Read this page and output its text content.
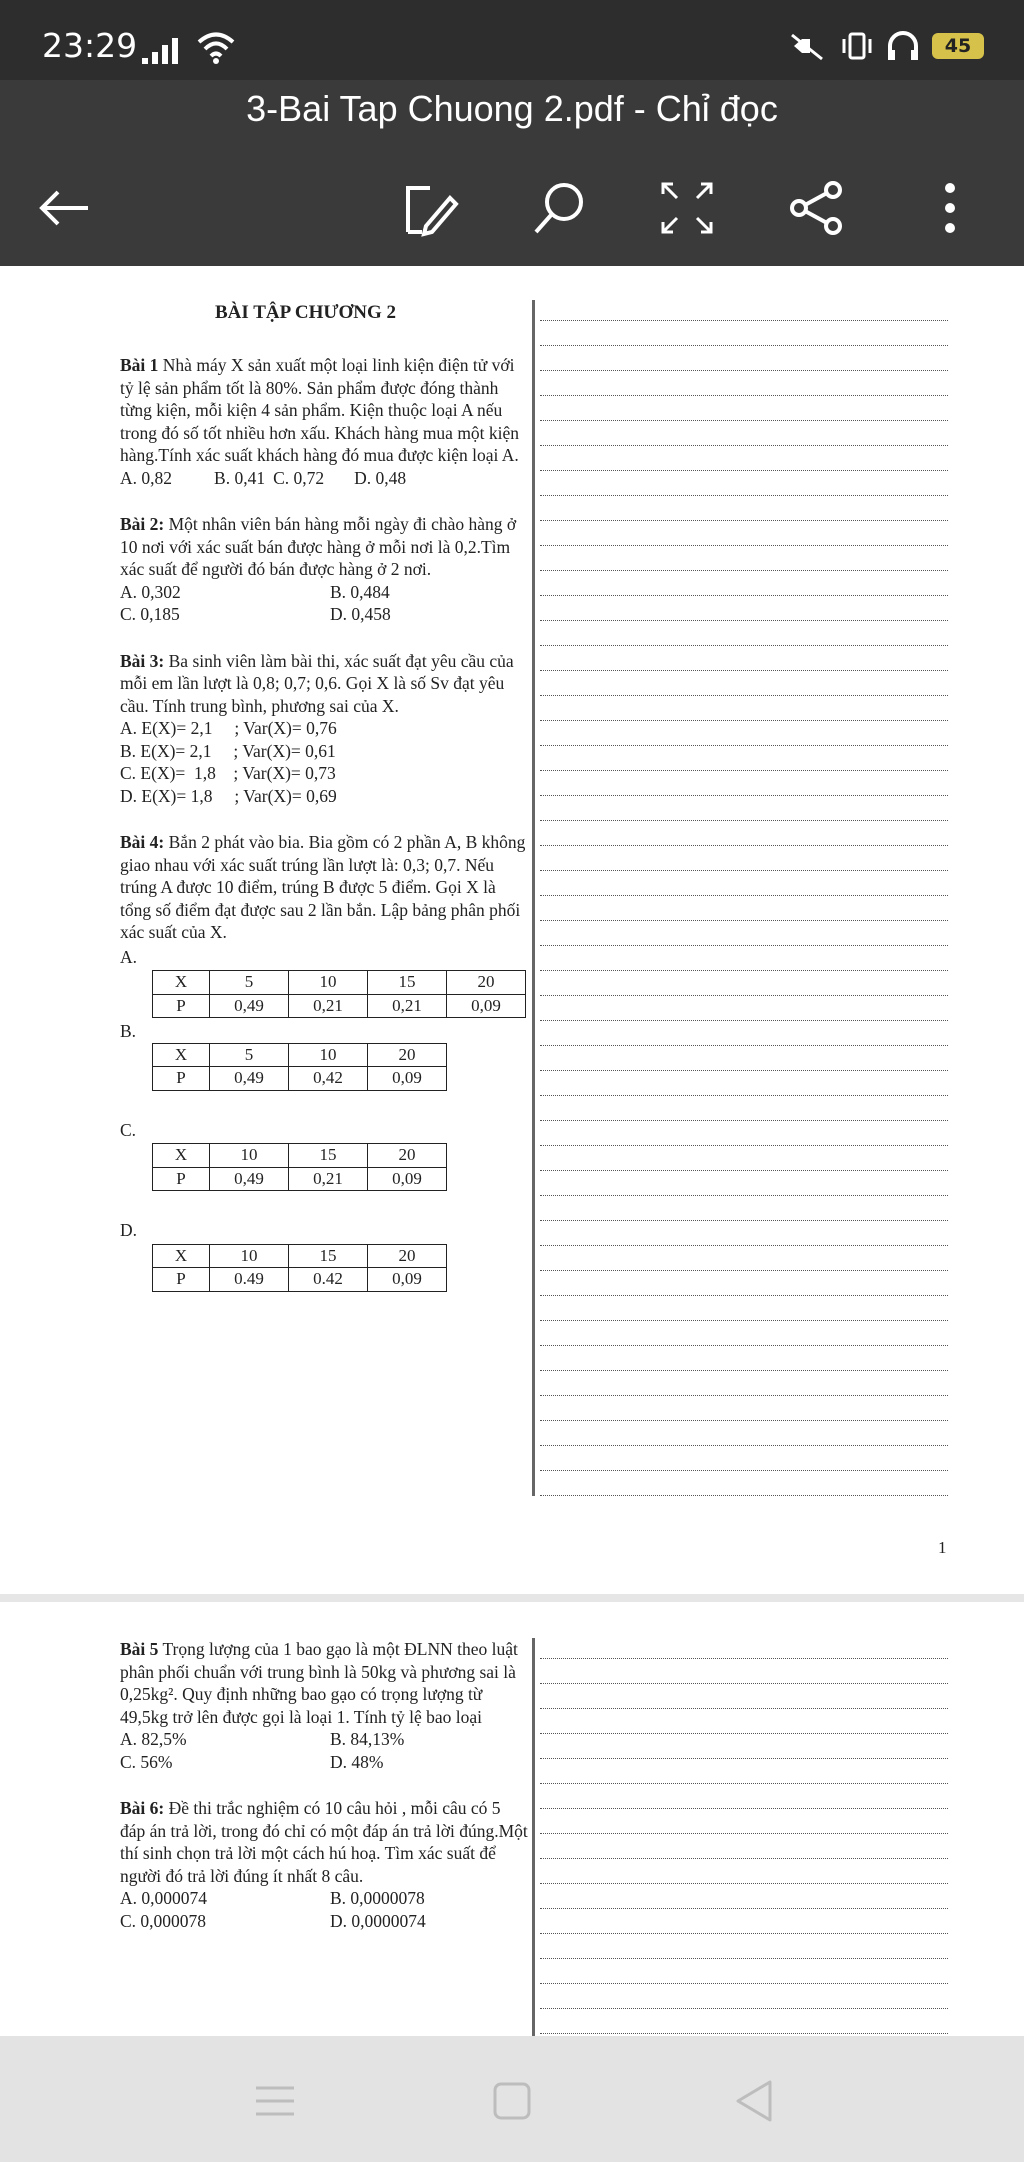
23:29	45
3-Bai Tap Chuong 2.pdf - Chỉ đọc
BÀI TẬP CHƯƠNG 2

Bài 1 Nhà máy X sản xuất một loại linh kiện điện tử với tỷ lệ sản phẩm tốt là 80%. Sản phẩm được đóng thành từng kiện, mỗi kiện 4 sản phẩm. Kiện thuộc loại A nếu trong đó số tốt nhiều hơn xấu. Khách hàng mua một kiện hàng.Tính xác suất khách hàng đó mua được kiện loại A.

A. 0,82 B. 0,41 C. 0,72 D. 0,48

Bài 2: Một nhân viên bán hàng mỗi ngày đi chào hàng ở 10 nơi với xác suất bán được hàng ở mỗi nơi là 0,2.Tìm xác suất để người đó bán được hàng ở 2 nơi.

A. 0,302	B. 0,484
C. 0,185	D. 0,458

Bài 3: Ba sinh viên làm bài thi, xác suất đạt yêu cầu của mỗi em lần lượt là 0,8; 0,7; 0,6. Gọi X là số Sv đạt yêu cầu. Tính trung bình, phương sai của X.

A. E(X)= 2,1     ; Var(X)= 0,76
B. E(X)= 2,1     ; Var(X)= 0,61
C. E(X)=  1,8    ; Var(X)= 0,73
D. E(X)= 1,8     ; Var(X)= 0,69

Bài 4: Bắn 2 phát vào bia. Bia gồm có 2 phần A, B không giao nhau với xác suất trúng lần lượt là: 0,3; 0,7. Nếu trúng A được 10 điểm, trúng B được 5 điểm. Gọi X là tổng số điểm đạt được sau 2 lần bắn. Lập bảng phân phối xác suất của X.

A.
X	5	10	15	20
P	0,49	0,21	0,21	0,09
B.
X	5	10	20
P	0,49	0,42	0,09
C.
X	10	15	20
P	0,49	0,21	0,09
D.
X	10	15	20
P	0.49	0.42	0,09
1

Bài 5 Trọng lượng của 1 bao gạo là một ĐLNN theo luật phân phối chuẩn với trung bình là 50kg và phương sai là 0,25kg². Quy định những bao gạo có trọng lượng từ 49,5kg trở lên được gọi là loại 1. Tính tỷ lệ bao loại

A. 82,5%	B. 84,13%
C. 56%	D. 48%

Bài 6: Đề thi trắc nghiệm có 10 câu hỏi , mỗi câu có 5 đáp án trả lời, trong đó chỉ có một đáp án trả lời đúng.Một thí sinh chọn trả lời một cách hú hoạ. Tìm xác suất để người đó trả lời đúng ít nhất 8 câu.

A. 0,000074	B. 0,0000078
C. 0,000078	D. 0,0000074
